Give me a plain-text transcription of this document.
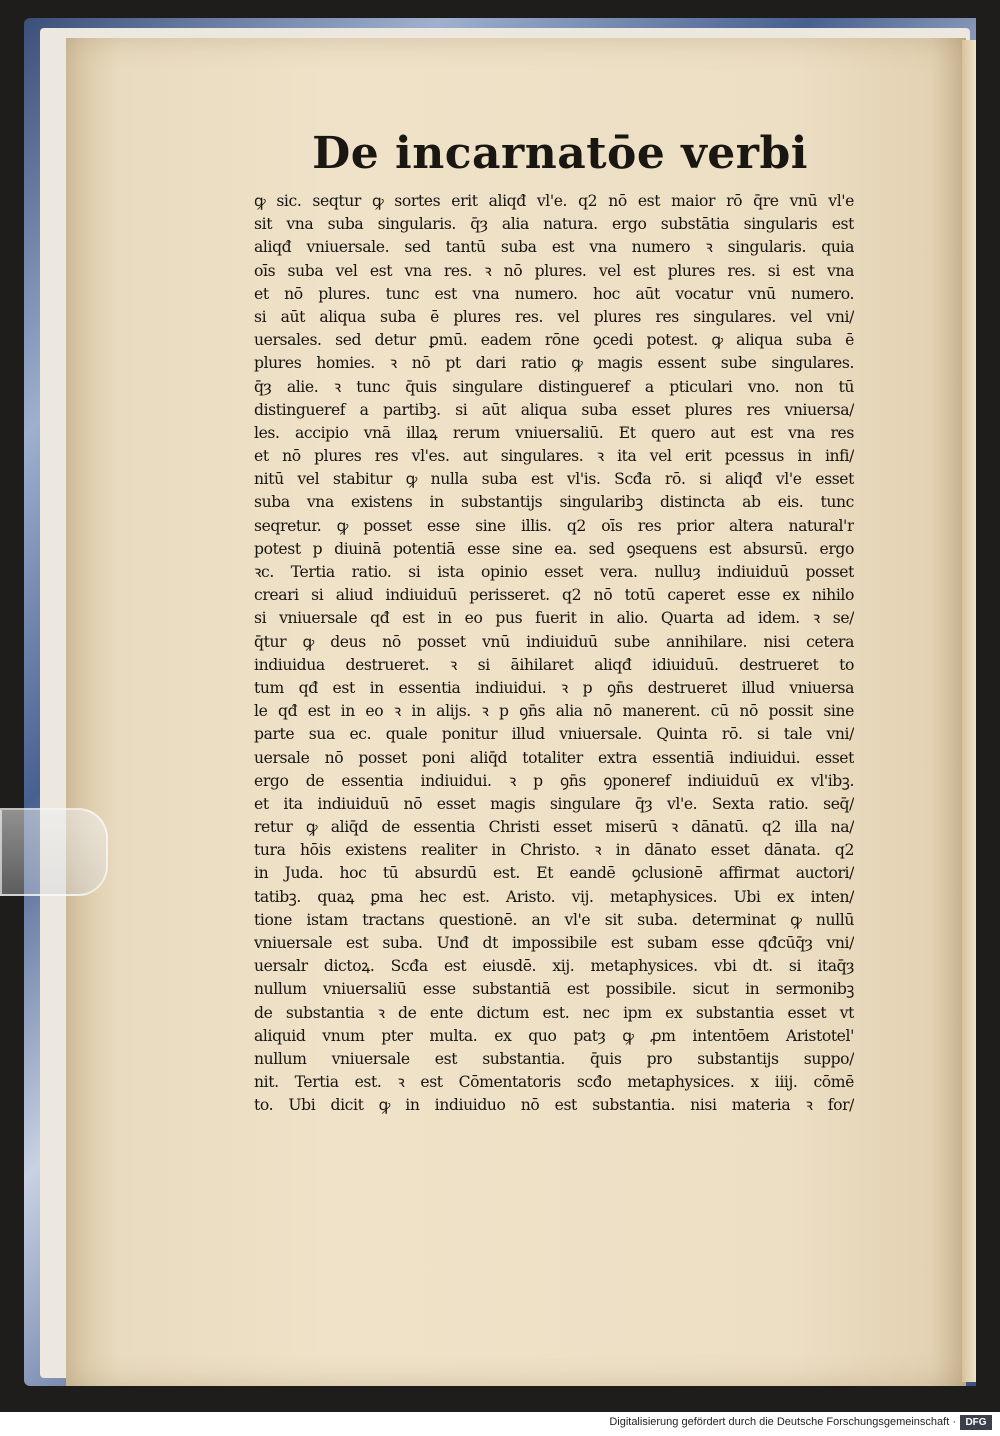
De incarnatōe verbi
ꝙ sic. seqtur ꝙ sortes erit aliqđ vl'e. q2 nō est maior rō q̄re vnū vl'e
sit vna suba singularis. q̄ȝ alia natura. ergo substātia singularis est
aliqđ vniuersale. sed tantū suba est vna numero ꝛ singularis. quia
oīs suba vel est vna res. ꝛ nō plures. vel est plures res. si est vna
et nō plures. tunc est vna numero. hoc aūt vocatur vnū numero.
si aūt aliqua suba ē plures res. vel plures res singulares. vel vni/
uersales. sed detur ꝑmū. eadem rōne ꝯcedi potest. ꝙ aliqua suba ē
plures homies. ꝛ nō pt dari ratio ꝙ magis essent sube singulares.
q̄ȝ alie. ꝛ tunc q̄uis singulare distingueref a pticulari vno. non tū
distingueref a partibꝫ. si aūt aliqua suba esset plures res vniuersa/
les. accipio vnā illaꝝ rerum vniuersaliū. Et quero aut est vna res
et nō plures res vl'es. aut singulares. ꝛ ita vel erit pcessus in infi/
nitū vel stabitur ꝙ nulla suba est vl'is. Scđa rō. si aliqđ vl'e esset
suba vna existens in substantijs singularibꝫ distincta ab eis. tunc
seqretur. ꝙ posset esse sine illis. q2 oīs res prior altera natural'r
potest p diuinā potentiā esse sine ea. sed ꝯsequens est absursū. ergo
ꝛc. Tertia ratio. si ista opinio esset vera. nulluȝ indiuiduū posset
creari si aliud indiuiduū perisseret. q2 nō totū caperet esse ex nihilo
si vniuersale qđ est in eo pus fuerit in alio. Quarta ad idem. ꝛ se/
q̄tur ꝙ deus nō posset vnū indiuiduū sube annihilare. nisi cetera
indiuidua destrueret. ꝛ si āihilaret aliqđ idiuiduū. destrueret to
tum qđ est in essentia indiuidui. ꝛ p ꝯn̄s destrueret illud vniuersa
le qđ est in eo ꝛ in alijs. ꝛ p ꝯn̄s alia nō manerent. cū nō possit sine
parte sua ec. quale ponitur illud vniuersale. Quinta rō. si tale vni/
uersale nō posset poni aliq̄d totaliter extra essentiā indiuidui. esset
ergo de essentia indiuidui. ꝛ p ꝯn̄s ꝯponeref indiuiduū ex vl'ibꝫ.
et ita indiuiduū nō esset magis singulare q̄ȝ vl'e. Sexta ratio. seq̄/
retur ꝙ aliq̄d de essentia Christi esset miserū ꝛ dānatū. q2 illa na/
tura hōis existens realiter in Christo. ꝛ in dānato esset dānata. q2
in Juda. hoc tū absurdū est. Et eandē ꝯclusionē affirmat auctori/
tatibꝫ. quaꝝ ꝑma hec est. Aristo. vij. metaphysices. Ubi ex inten/
tione istam tractans questionē. an vl'e sit suba. determinat ꝙ nullū
vniuersale est suba. Unđ dt impossibile est subam esse qđcūq̄ȝ vni/
uersalr dictoꝝ. Scđa est eiusdē. xij. metaphysices. vbi dt. si itaq̄ȝ
nullum vniuersaliū esse substantiā est possibile. sicut in sermonibꝫ
de substantia ꝛ de ente dictum est. nec ipm ex substantia esset vt
aliquid vnum pter multa. ex quo patȝ ꝙ ꝓm intentōem Aristotel'
nullum vniuersale est substantia. q̄uis pro substantijs suppo/
nit. Tertia est. ꝛ est Cōmentatoris scđo metaphysices. x iiij. cōmē
to. Ubi dicit ꝙ in indiuiduo nō est substantia. nisi materia ꝛ for/
Digitalisierung gefördert durch die Deutsche Forschungsgemeinschaft · DFG
